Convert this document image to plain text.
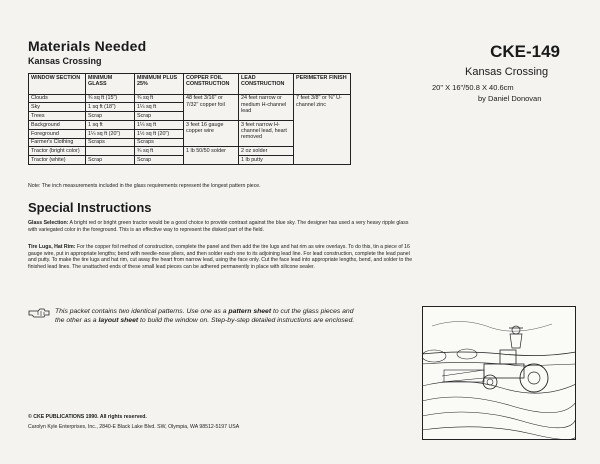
Materials Needed
Kansas Crossing
WINDOW SECTION	MINIMUM GLASS	MINIMUM PLUS 25%	COPPER FOIL CONSTRUCTION	LEAD CONSTRUCTION	PERIMETER FINISH
Clouds	¾ sq ft (15")	¾ sq ft	48 feet 3/16" or 7/32" copper foil	24 feet narrow or medium H-channel lead	7 feet 3/8" or ⅜" U-channel zinc
Sky	1 sq ft (18")	1¼ sq ft			
Trees	Scrap	Scrap			
Background	1 sq ft	1¼ sq ft	3 feet 16 gauge copper wire	3 feet narrow H-channel lead, heart removed	
Foreground	1¼ sq ft (20")	1½ sq ft (20")			
Farmer's Clothing	Scraps	Scraps			
Tractor (bright color)		¾ sq ft	1 lb 50/50 solder	2 oz solder	
Tractor (white)	Scrap	Scrap		1 lb putty	
Note: The inch measurements included in the glass requirements represent the longest pattern piece.
CKE-149
Kansas Crossing
20" X 16"/50.8 X 40.6cm
by Daniel Donovan
Special Instructions
Glass Selection: A bright red or bright green tractor would be a good choice to provide contrast against the blue sky. The designer has used a very heavy ripple glass with variegated color in the foreground. This is an effective way to represent the disked part of the field.
Tire Lugs, Hat Rim: For the copper foil method of construction, complete the panel and then add the tire lugs and hat rim as wire overlays. To do this, tin a piece of 16 gauge wire, put in appropriate lengths; bend with needle-nose pliers, and then solder each one to its adjoining lead line. For lead construction, complete the lead panel and putty. To make the tire lugs and hat rim, cut away the heart from narrow lead, using the face only. Cut the face lead into appropriate lengths, bend, and solder to the finished lead lines. The unattached ends of these small lead pieces can be adhered permanently in place with silicone sealer.
This packet contains two identical patterns. Use one as a pattern sheet to cut the glass pieces and
the other as a layout sheet to build the window on. Step-by-step detailed instructions are enclosed.
© CKE PUBLICATIONS 1990. All rights reserved.
Carolyn Kyle Enterprises, Inc., 2840-E Black Lake Blvd. SW, Olympia, WA 98512-5197 USA
